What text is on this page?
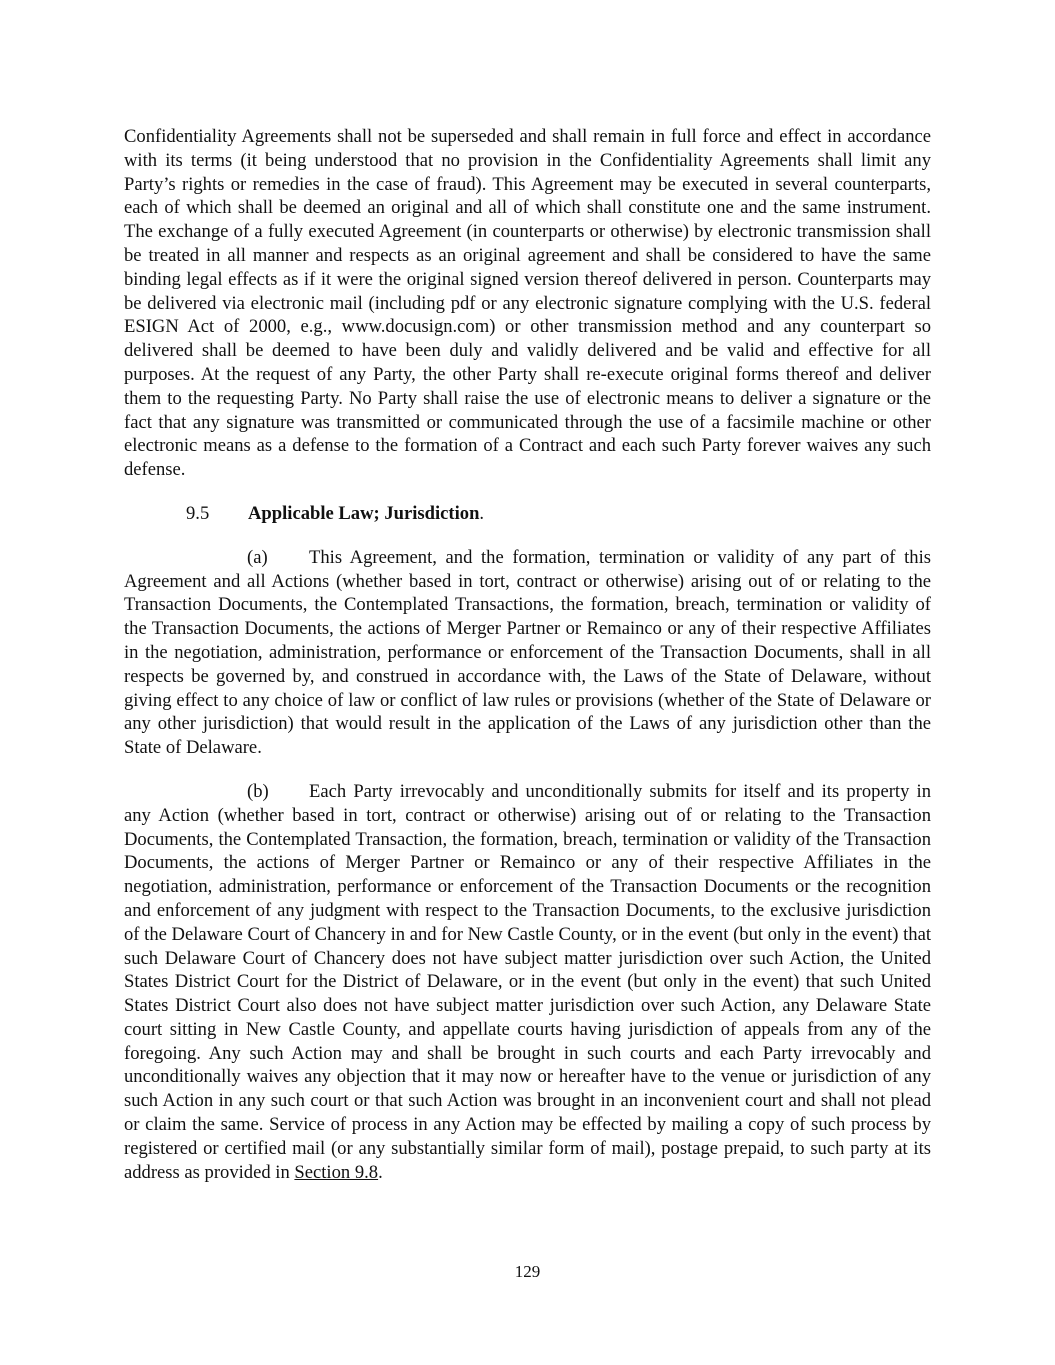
Confidentiality Agreements shall not be superseded and shall remain in full force and effect in accordance with its terms (it being understood that no provision in the Confidentiality Agreements shall limit any Party’s rights or remedies in the case of fraud). This Agreement may be executed in several counterparts, each of which shall be deemed an original and all of which shall constitute one and the same instrument. The exchange of a fully executed Agreement (in counterparts or otherwise) by electronic transmission shall be treated in all manner and respects as an original agreement and shall be considered to have the same binding legal effects as if it were the original signed version thereof delivered in person. Counterparts may be delivered via electronic mail (including pdf or any electronic signature complying with the U.S. federal ESIGN Act of 2000, e.g., www.docusign.com) or other transmission method and any counterpart so delivered shall be deemed to have been duly and validly delivered and be valid and effective for all purposes. At the request of any Party, the other Party shall re-execute original forms thereof and deliver them to the requesting Party. No Party shall raise the use of electronic means to deliver a signature or the fact that any signature was transmitted or communicated through the use of a facsimile machine or other electronic means as a defense to the formation of a Contract and each such Party forever waives any such defense.

9.5 Applicable Law; Jurisdiction.

(a) This Agreement, and the formation, termination or validity of any part of this Agreement and all Actions (whether based in tort, contract or otherwise) arising out of or relating to the Transaction Documents, the Contemplated Transactions, the formation, breach, termination or validity of the Transaction Documents, the actions of Merger Partner or Remainco or any of their respective Affiliates in the negotiation, administration, performance or enforcement of the Transaction Documents, shall in all respects be governed by, and construed in accordance with, the Laws of the State of Delaware, without giving effect to any choice of law or conflict of law rules or provisions (whether of the State of Delaware or any other jurisdiction) that would result in the application of the Laws of any jurisdiction other than the State of Delaware.

(b) Each Party irrevocably and unconditionally submits for itself and its property in any Action (whether based in tort, contract or otherwise) arising out of or relating to the Transaction Documents, the Contemplated Transaction, the formation, breach, termination or validity of the Transaction Documents, the actions of Merger Partner or Remainco or any of their respective Affiliates in the negotiation, administration, performance or enforcement of the Transaction Documents or the recognition and enforcement of any judgment with respect to the Transaction Documents, to the exclusive jurisdiction of the Delaware Court of Chancery in and for New Castle County, or in the event (but only in the event) that such Delaware Court of Chancery does not have subject matter jurisdiction over such Action, the United States District Court for the District of Delaware, or in the event (but only in the event) that such United States District Court also does not have subject matter jurisdiction over such Action, any Delaware State court sitting in New Castle County, and appellate courts having jurisdiction of appeals from any of the foregoing. Any such Action may and shall be brought in such courts and each Party irrevocably and unconditionally waives any objection that it may now or hereafter have to the venue or jurisdiction of any such Action in any such court or that such Action was brought in an inconvenient court and shall not plead or claim the same. Service of process in any Action may be effected by mailing a copy of such process by registered or certified mail (or any substantially similar form of mail), postage prepaid, to such party at its address as provided in Section 9.8.

129
